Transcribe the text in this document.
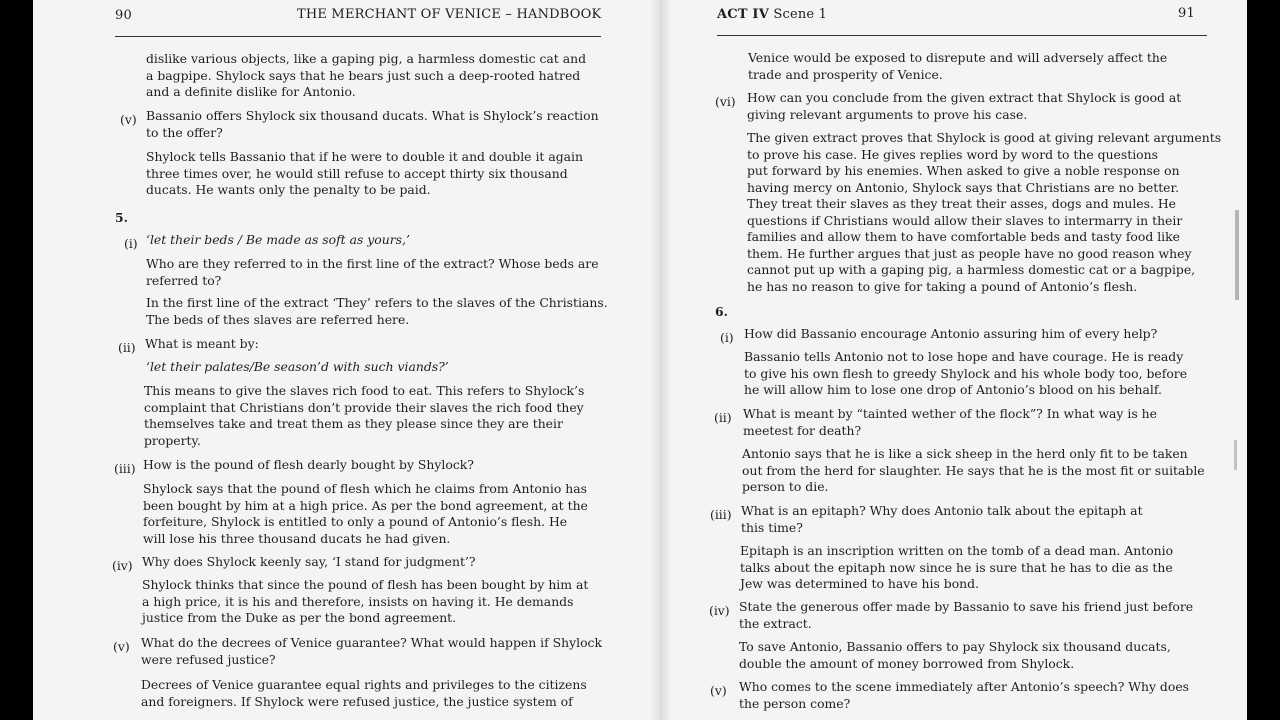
90	THE MERCHANT OF VENICE – HANDBOOK
dislike various objects, like a gaping pig, a harmless domestic cat and
a bagpipe. Shylock says that he bears just such a deep-rooted hatred
and a definite dislike for Antonio.
(v) Bassanio offers Shylock six thousand ducats. What is Shylock’s reaction
to the offer?
Shylock tells Bassanio that if he were to double it and double it again
three times over, he would still refuse to accept thirty six thousand
ducats. He wants only the penalty to be paid.
5.
(i) ‘let their beds / Be made as soft as yours,’
Who are they referred to in the first line of the extract? Whose beds are
referred to?
In the first line of the extract ‘They’ refers to the slaves of the Christians.
The beds of thes slaves are referred here.
(ii) What is meant by:
‘let their palates/Be season’d with such viands?’
This means to give the slaves rich food to eat. This refers to Shylock’s
complaint that Christians don’t provide their slaves the rich food they
themselves take and treat them as they please since they are their
property.
(iii) How is the pound of flesh dearly bought by Shylock?
Shylock says that the pound of flesh which he claims from Antonio has
been bought by him at a high price. As per the bond agreement, at the
forfeiture, Shylock is entitled to only a pound of Antonio’s flesh. He
will lose his three thousand ducats he had given.
(iv) Why does Shylock keenly say, ‘I stand for judgment’?
Shylock thinks that since the pound of flesh has been bought by him at
a high price, it is his and therefore, insists on having it. He demands
justice from the Duke as per the bond agreement.
(v) What do the decrees of Venice guarantee? What would happen if Shylock
were refused justice?
Decrees of Venice guarantee equal rights and privileges to the citizens
and foreigners. If Shylock were refused justice, the justice system of
ACT IV Scene 1	91
Venice would be exposed to disrepute and will adversely affect the
trade and prosperity of Venice.
(vi) How can you conclude from the given extract that Shylock is good at
giving relevant arguments to prove his case.
The given extract proves that Shylock is good at giving relevant arguments
to prove his case. He gives replies word by word to the questions
put forward by his enemies. When asked to give a noble response on
having mercy on Antonio, Shylock says that Christians are no better.
They treat their slaves as they treat their asses, dogs and mules. He
questions if Christians would allow their slaves to intermarry in their
families and allow them to have comfortable beds and tasty food like
them. He further argues that just as people have no good reason whey
cannot put up with a gaping pig, a harmless domestic cat or a bagpipe,
he has no reason to give for taking a pound of Antonio’s flesh.
6.
(i) How did Bassanio encourage Antonio assuring him of every help?
Bassanio tells Antonio not to lose hope and have courage. He is ready
to give his own flesh to greedy Shylock and his whole body too, before
he will allow him to lose one drop of Antonio’s blood on his behalf.
(ii) What is meant by “tainted wether of the flock”? In what way is he
meetest for death?
Antonio says that he is like a sick sheep in the herd only fit to be taken
out from the herd for slaughter. He says that he is the most fit or suitable
person to die.
(iii) What is an epitaph? Why does Antonio talk about the epitaph at
this time?
Epitaph is an inscription written on the tomb of a dead man. Antonio
talks about the epitaph now since he is sure that he has to die as the
Jew was determined to have his bond.
(iv) State the generous offer made by Bassanio to save his friend just before
the extract.
To save Antonio, Bassanio offers to pay Shylock six thousand ducats,
double the amount of money borrowed from Shylock.
(v) Who comes to the scene immediately after Antonio’s speech? Why does
the person come?
